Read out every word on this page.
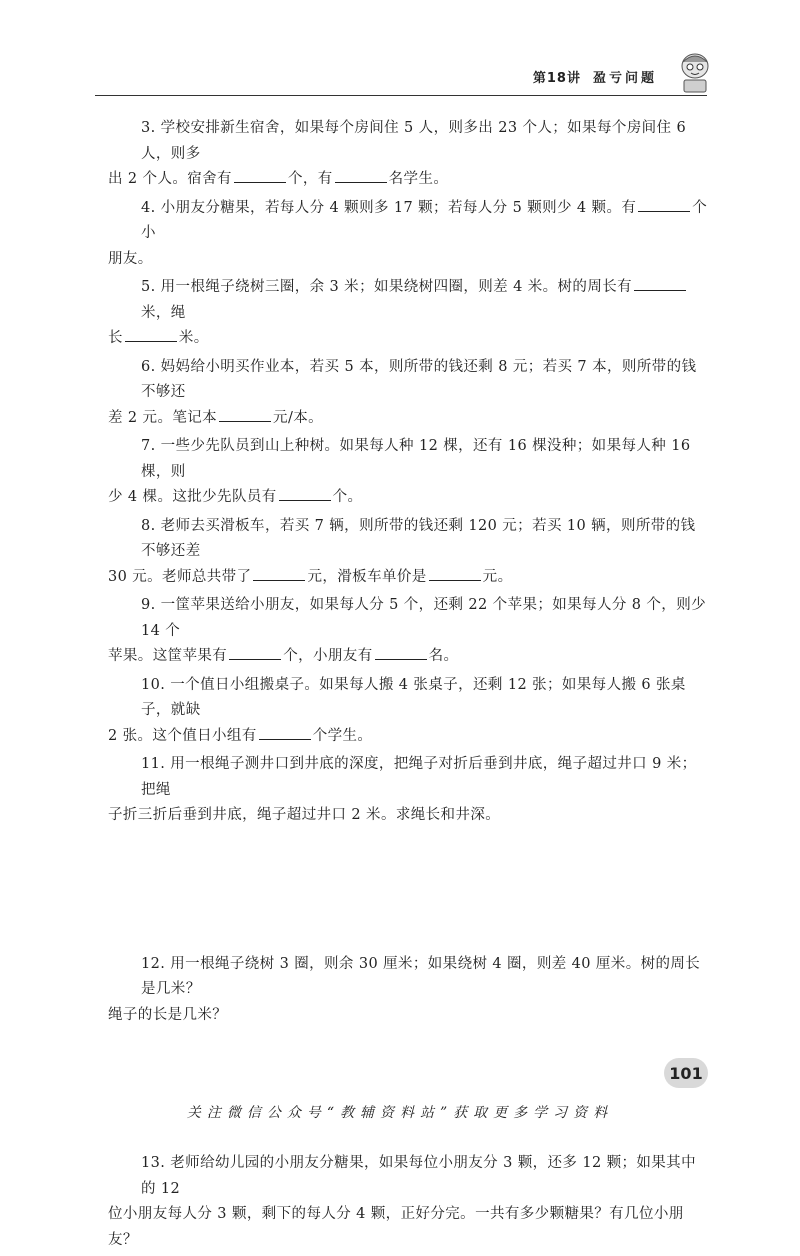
第18讲 盈亏问题
3. 学校安排新生宿舍，如果每个房间住 5 人，则多出 23 个人；如果每个房间住 6 人，则多
出 2 个人。宿舍有	个，有	名学生。
4. 小朋友分糖果，若每人分 4 颗则多 17 颗；若每人分 5 颗则少 4 颗。有	个小
朋友。
5. 用一根绳子绕树三圈，余 3 米；如果绕树四圈，则差 4 米。树的周长有米，绳
长	米。
6. 妈妈给小明买作业本，若买 5 本，则所带的钱还剩 8 元；若买 7 本，则所带的钱不够还
差 2 元。笔记本	元/本。
7. 一些少先队员到山上种树。如果每人种 12 棵，还有 16 棵没种；如果每人种 16 棵，则
少 4 棵。这批少先队员有	个。
8. 老师去买滑板车，若买 7 辆，则所带的钱还剩 120 元；若买 10 辆，则所带的钱不够还差
30 元。老师总共带了	元，滑板车单价是	元。
9. 一筐苹果送给小朋友，如果每人分 5 个，还剩 22 个苹果；如果每人分 8 个，则少 14 个
苹果。这筐苹果有	个，小朋友有	名。
10. 一个值日小组搬桌子。如果每人搬 4 张桌子，还剩 12 张；如果每人搬 6 张桌子，就缺
2 张。这个值日小组有	个学生。
11. 用一根绳子测井口到井底的深度，把绳子对折后垂到井底，绳子超过井口 9 米；把绳
子折三折后垂到井底，绳子超过井口 2 米。求绳长和井深。
12. 用一根绳子绕树 3 圈，则余 30 厘米；如果绕树 4 圈，则差 40 厘米。树的周长是几米？
绳子的长是几米？
13. 老师给幼儿园的小朋友分糖果，如果每位小朋友分 3 颗，还多 12 颗；如果其中的 12
位小朋友每人分 3 颗，剩下的每人分 4 颗，正好分完。一共有多少颗糖果？有几位小朋友？
101
关注微信公众号“教辅资料站”获取更多学习资料
